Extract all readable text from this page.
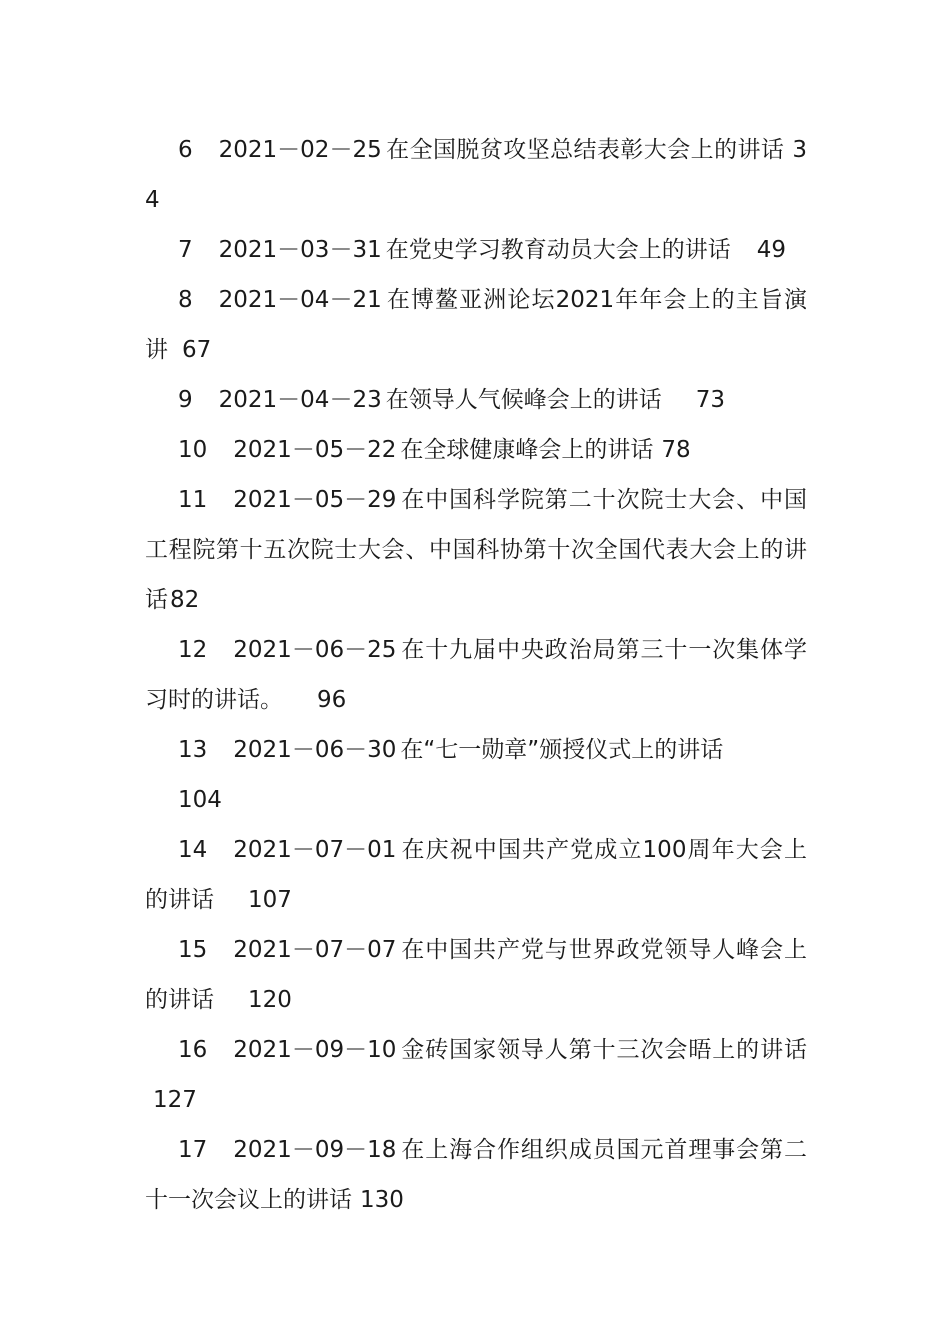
6 2021－02－25 在全国脱贫攻坚总结表彰大会上的讲话 34

7 2021－03－31 在党史学习教育动员大会上的讲话 49

8 2021－04－21 在博鳌亚洲论坛2021年年会上的主旨演讲 67

9 2021－04－23 在领导人气候峰会上的讲话 73

10 2021－05－22 在全球健康峰会上的讲话 78

11 2021－05－29 在中国科学院第二十次院士大会、中国工程院第十五次院士大会、中国科协第十次全国代表大会上的讲话82

12 2021－06－25 在十九届中央政治局第三十一次集体学习时的讲话。 96

13 2021－06－30 在“七一勋章”颁授仪式上的讲话
104

14 2021－07－01 在庆祝中国共产党成立100周年大会上的讲话 107

15 2021－07－07 在中国共产党与世界政党领导人峰会上的讲话 120

16 2021－09－10 金砖国家领导人第十三次会晤上的讲话127

17 2021－09－18 在上海合作组织成员国元首理事会第二十一次会议上的讲话 130
